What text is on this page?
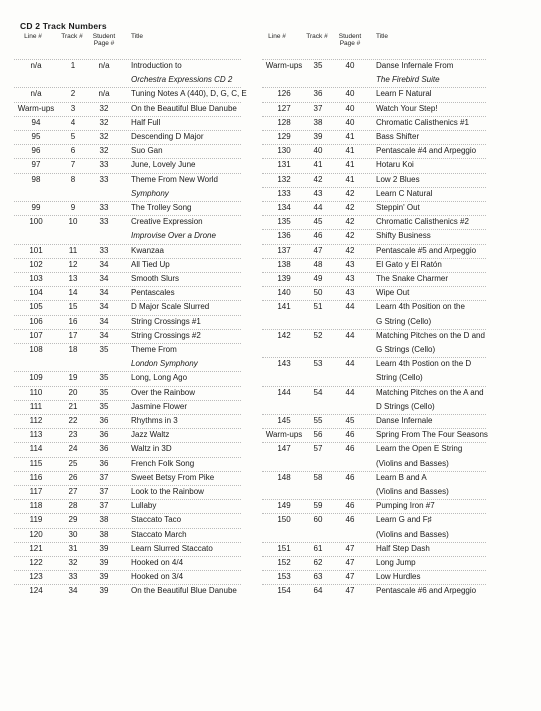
CD 2 Track Numbers
Line #	Track #	Student
Page #
Title	Line #	Track #	Student
Page #
Title
n/a	1	n/a	Introduction to
Orchestra Expressions CD 2
n/a	2	n/a	Tuning Notes A (440), D, G, C, E
Warm-ups	3	32	On the Beautiful Blue Danube
94	4	32	Half Full
95	5	32	Descending D Major
96	6	32	Suo Gan
97	7	33	June, Lovely June
98	8	33	Theme From New World
Symphony
99	9	33	The Trolley Song
100	10	33	Creative Expression
Improvise Over a Drone
101	11	33	Kwanzaa
102	12	34	All Tied Up
103	13	34	Smooth Slurs
104	14	34	Pentascales
105	15	34	D Major Scale Slurred
106	16	34	String Crossings #1
107	17	34	String Crossings #2
108	18	35	Theme From
London Symphony
109	19	35	Long, Long Ago
110	20	35	Over the Rainbow
111	21	35	Jasmine Flower
112	22	36	Rhythms in 3
113	23	36	Jazz Waltz
114	24	36	Waltz in 3D
115	25	36	French Folk Song
116	26	37	Sweet Betsy From Pike
117	27	37	Look to the Rainbow
118	28	37	Lullaby
119	29	38	Staccato Taco
120	30	38	Staccato March
121	31	39	Learn Slurred Staccato
122	32	39	Hooked on 4/4
123	33	39	Hooked on 3/4
124	34	39	On the Beautiful Blue Danube
Warm-ups	35	40	Danse Infernale From
The Firebird Suite
126	36	40	Learn F Natural
127	37	40	Watch Your Step!
128	38	40	Chromatic Calisthenics #1
129	39	41	Bass Shifter
130	40	41	Pentascale #4 and Arpeggio
131	41	41	Hotaru Koi
132	42	41	Low 2 Blues
133	43	42	Learn C Natural
134	44	42	Steppin' Out
135	45	42	Chromatic Calisthenics #2
136	46	42	Shifty Business
137	47	42	Pentascale #5 and Arpeggio
138	48	43	El Gato y El Ratón
139	49	43	The Snake Charmer
140	50	43	Wipe Out
141	51	44	Learn 4th Position on the
G String (Cello)
142	52	44	Matching Pitches on the D and
G Strings (Cello)
143	53	44	Learn 4th Postion on the D
String (Cello)
144	54	44	Matching Pitches on the A and
D Strings (Cello)
145	55	45	Danse Infernale
Warm-ups	56	46	Spring From The Four Seasons
147	57	46	Learn the Open E String
(Violins and Basses)
148	58	46	Learn B and A
(Violins and Basses)
149	59	46	Pumping Iron #7
150	60	46	Learn G and F♯
(Violins and Basses)
151	61	47	Half Step Dash
152	62	47	Long Jump
153	63	47	Low Hurdles
154	64	47	Pentascale #6 and Arpeggio
